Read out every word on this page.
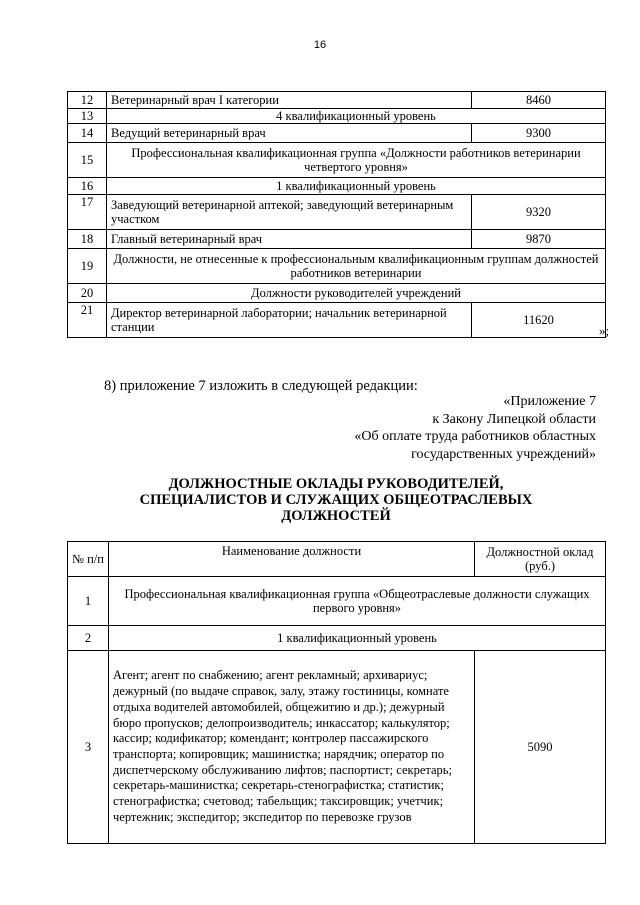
16
12	Ветеринарный врач I категории	8460
13	4 квалификационный уровень	
14	Ведущий ветеринарный врач	9300
15	Профессиональная квалификационная группа «Должности работников ветеринарии четвертого уровня»	
16	1 квалификационный уровень	
17	Заведующий ветеринарной аптекой; заведующий ветеринарным участком	9320
18	Главный ветеринарный врач	9870
19	Должности, не отнесенные к профессиональным квалификационным группам должностей работников ветеринарии	
20	Должности руководителей учреждений	
21	Директор ветеринарной лаборатории; начальник ветеринарной станции	11620
»;
8) приложение 7 изложить в следующей редакции:
«Приложение 7
к Закону Липецкой области
«Об оплате труда работников областных
государственных учреждений»
ДОЛЖНОСТНЫЕ ОКЛАДЫ РУКОВОДИТЕЛЕЙ,
СПЕЦИАЛИСТОВ И СЛУЖАЩИХ ОБЩЕОТРАСЛЕВЫХ
ДОЛЖНОСТЕЙ
№ п/п	Наименование должности	Должностной оклад (руб.)
1	Профессиональная квалификационная группа «Общеотраслевые должности служащих первого уровня»	
2	1 квалификационный уровень	
3	Агент; агент по снабжению; агент рекламный; архивариус; дежурный (по выдаче справок, залу, этажу гостиницы, комнате отдыха водителей автомобилей, общежитию и др.); дежурный бюро пропусков; делопроизводитель; инкассатор; калькулятор; кассир; кодификатор; комендант; контролер пассажирского транспорта; копировщик; машинистка; нарядчик; оператор по диспетчерскому обслуживанию лифтов; паспортист; секретарь; секретарь-машинистка; секретарь-стенографистка; статистик; стенографистка; счетовод; табельщик; таксировщик; учетчик; чертежник; экспедитор; экспедитор по перевозке грузов	5090
